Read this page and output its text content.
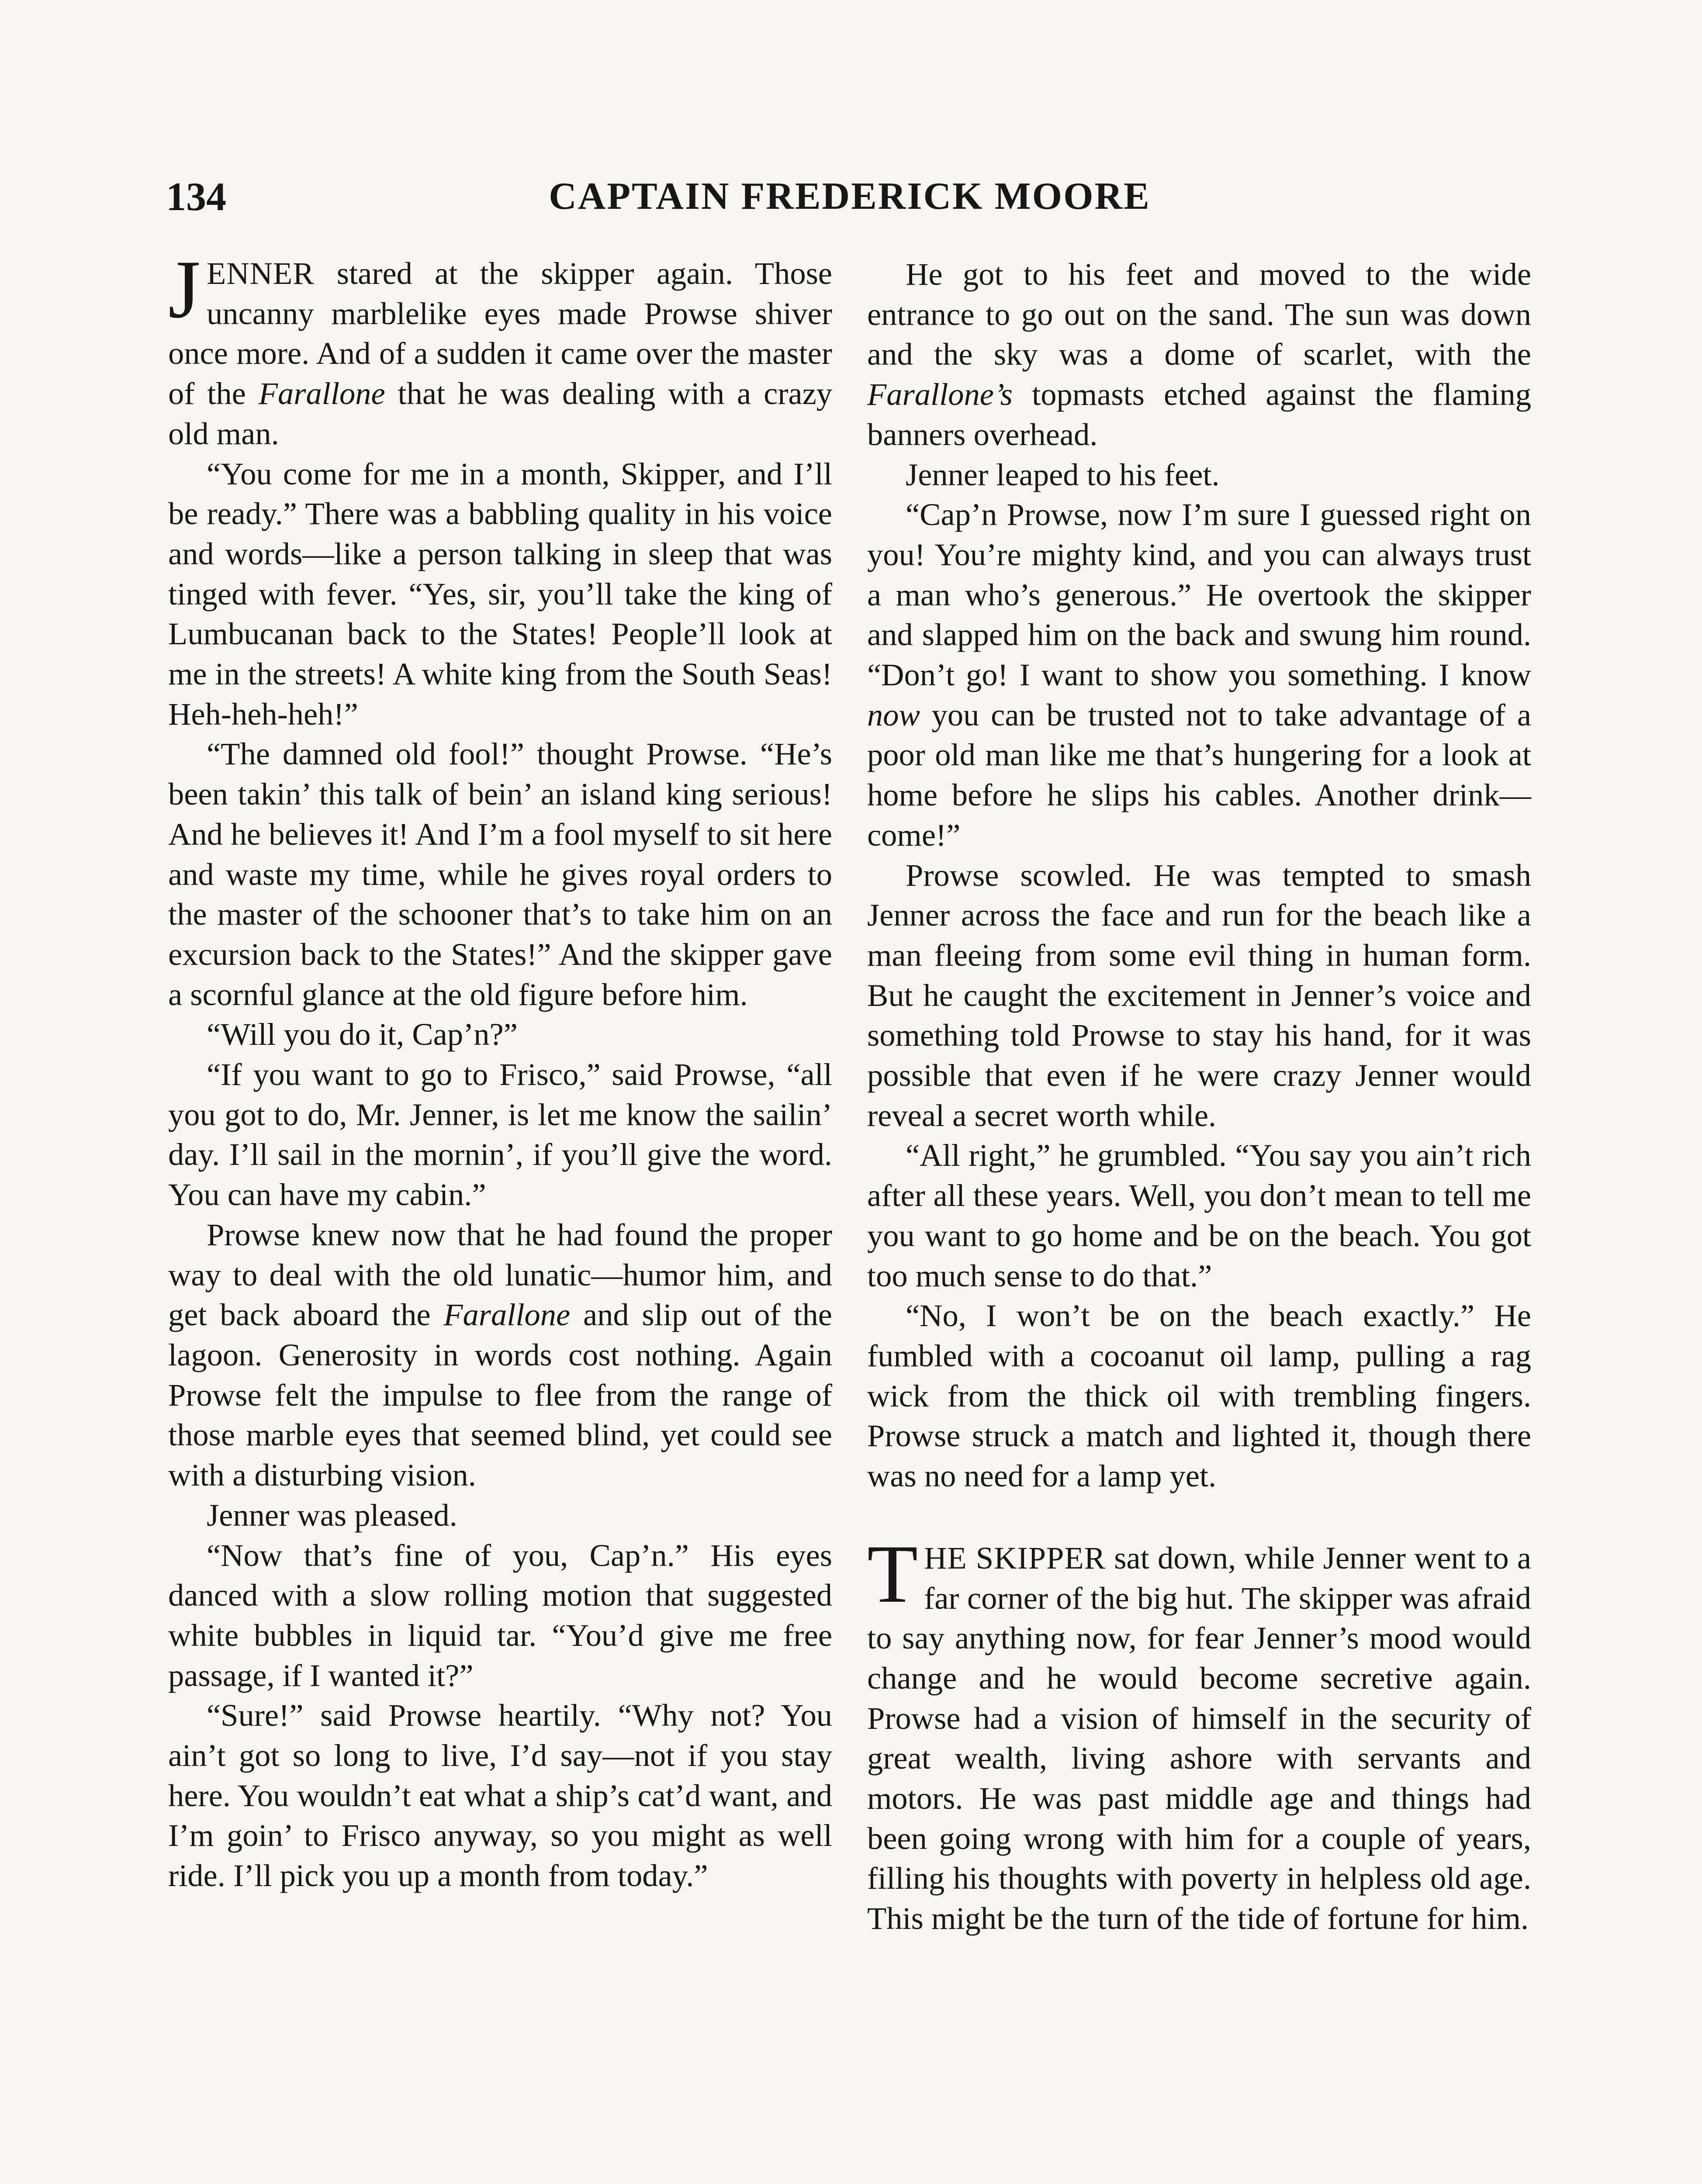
134	CAPTAIN FREDERICK MOORE

JENNER stared at the skipper again. Those uncanny marblelike eyes made Prowse shiver once more. And of a sudden it came over the master of the Farallone that he was dealing with a crazy old man.

“You come for me in a month, Skipper, and I’ll be ready.” There was a babbling quality in his voice and words—like a person talking in sleep that was tinged with fever. “Yes, sir, you’ll take the king of Lumbucanan back to the States! People’ll look at me in the streets! A white king from the South Seas! Heh-heh-heh!”

“The damned old fool!” thought Prowse. “He’s been takin’ this talk of bein’ an island king serious! And he believes it! And I’m a fool myself to sit here and waste my time, while he gives royal orders to the master of the schooner that’s to take him on an excursion back to the States!” And the skipper gave a scornful glance at the old figure before him.

“Will you do it, Cap’n?”

“If you want to go to Frisco,” said Prowse, “all you got to do, Mr. Jenner, is let me know the sailin’ day. I’ll sail in the mornin’, if you’ll give the word. You can have my cabin.”

Prowse knew now that he had found the proper way to deal with the old lunatic—humor him, and get back aboard the Farallone and slip out of the lagoon. Generosity in words cost nothing. Again Prowse felt the impulse to flee from the range of those marble eyes that seemed blind, yet could see with a disturbing vision.

Jenner was pleased.

“Now that’s fine of you, Cap’n.” His eyes danced with a slow rolling motion that suggested white bubbles in liquid tar. “You’d give me free passage, if I wanted it?”

“Sure!” said Prowse heartily. “Why not? You ain’t got so long to live, I’d say—not if you stay here. You wouldn’t eat what a ship’s cat’d want, and I’m goin’ to Frisco anyway, so you might as well ride. I’ll pick you up a month from today.”

He got to his feet and moved to the wide entrance to go out on the sand. The sun was down and the sky was a dome of scarlet, with the Farallone’s topmasts etched against the flaming banners overhead.

Jenner leaped to his feet.

“Cap’n Prowse, now I’m sure I guessed right on you! You’re mighty kind, and you can always trust a man who’s generous.” He overtook the skipper and slapped him on the back and swung him round. “Don’t go! I want to show you something. I know now you can be trusted not to take advantage of a poor old man like me that’s hungering for a look at home before he slips his cables. Another drink—come!”

Prowse scowled. He was tempted to smash Jenner across the face and run for the beach like a man fleeing from some evil thing in human form. But he caught the excitement in Jenner’s voice and something told Prowse to stay his hand, for it was possible that even if he were crazy Jenner would reveal a secret worth while.

“All right,” he grumbled. “You say you ain’t rich after all these years. Well, you don’t mean to tell me you want to go home and be on the beach. You got too much sense to do that.”

“No, I won’t be on the beach exactly.” He fumbled with a cocoanut oil lamp, pulling a rag wick from the thick oil with trembling fingers. Prowse struck a match and lighted it, though there was no need for a lamp yet.

THE SKIPPER sat down, while Jenner went to a far corner of the big hut. The skipper was afraid to say anything now, for fear Jenner’s mood would change and he would become secretive again. Prowse had a vision of himself in the security of great wealth, living ashore with servants and motors. He was past middle age and things had been going wrong with him for a couple of years, filling his thoughts with poverty in helpless old age. This might be the turn of the tide of fortune for him.
